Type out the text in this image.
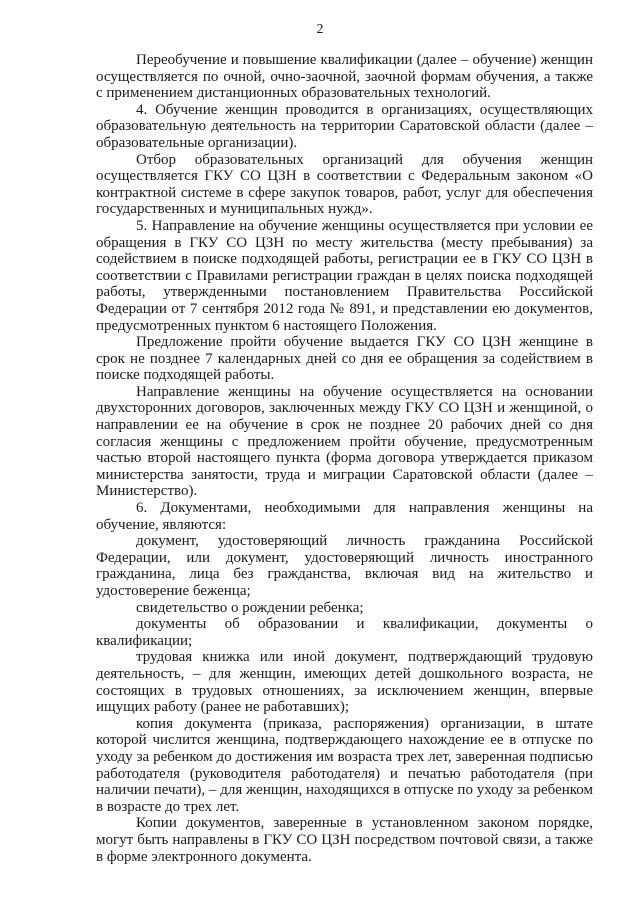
2

Переобучение и повышение квалификации (далее – обучение) женщин осуществляется по очной, очно-заочной, заочной формам обучения, а также с применением дистанционных образовательных технологий.

4. Обучение женщин проводится в организациях, осуществляющих образовательную деятельность на территории Саратовской области (далее – образовательные организации).

Отбор образовательных организаций для обучения женщин осуществляется ГКУ СО ЦЗН в соответствии с Федеральным законом «О контрактной системе в сфере закупок товаров, работ, услуг для обеспечения государственных и муниципальных нужд».

5. Направление на обучение женщины осуществляется при условии ее обращения в ГКУ СО ЦЗН по месту жительства (месту пребывания) за содействием в поиске подходящей работы, регистрации ее в ГКУ СО ЦЗН в соответствии с Правилами регистрации граждан в целях поиска подходящей работы, утвержденными постановлением Правительства Российской Федерации от 7 сентября 2012 года № 891, и представлении ею документов, предусмотренных пунктом 6 настоящего Положения.

Предложение пройти обучение выдается ГКУ СО ЦЗН женщине в срок не позднее 7 календарных дней со дня ее обращения за содействием в поиске подходящей работы.

Направление женщины на обучение осуществляется на основании двухсторонних договоров, заключенных между ГКУ СО ЦЗН и женщиной, о направлении ее на обучение в срок не позднее 20 рабочих дней со дня согласия женщины с предложением пройти обучение, предусмотренным частью второй настоящего пункта (форма договора утверждается приказом министерства занятости, труда и миграции Саратовской области (далее – Министерство).

6. Документами, необходимыми для направления женщины на обучение, являются:

документ, удостоверяющий личность гражданина Российской Федерации, или документ, удостоверяющий личность иностранного гражданина, лица без гражданства, включая вид на жительство и удостоверение беженца;

свидетельство о рождении ребенка;

документы об образовании и квалификации, документы о квалификации;

трудовая книжка или иной документ, подтверждающий трудовую деятельность, – для женщин, имеющих детей дошкольного возраста, не состоящих в трудовых отношениях, за исключением женщин, впервые ищущих работу (ранее не работавших);

копия документа (приказа, распоряжения) организации, в штате которой числится женщина, подтверждающего нахождение ее в отпуске по уходу за ребенком до достижения им возраста трех лет, заверенная подписью работодателя (руководителя работодателя) и печатью работодателя (при наличии печати), – для женщин, находящихся в отпуске по уходу за ребенком в возрасте до трех лет.

Копии документов, заверенные в установленном законом порядке, могут быть направлены в ГКУ СО ЦЗН посредством почтовой связи, а также в форме электронного документа.
